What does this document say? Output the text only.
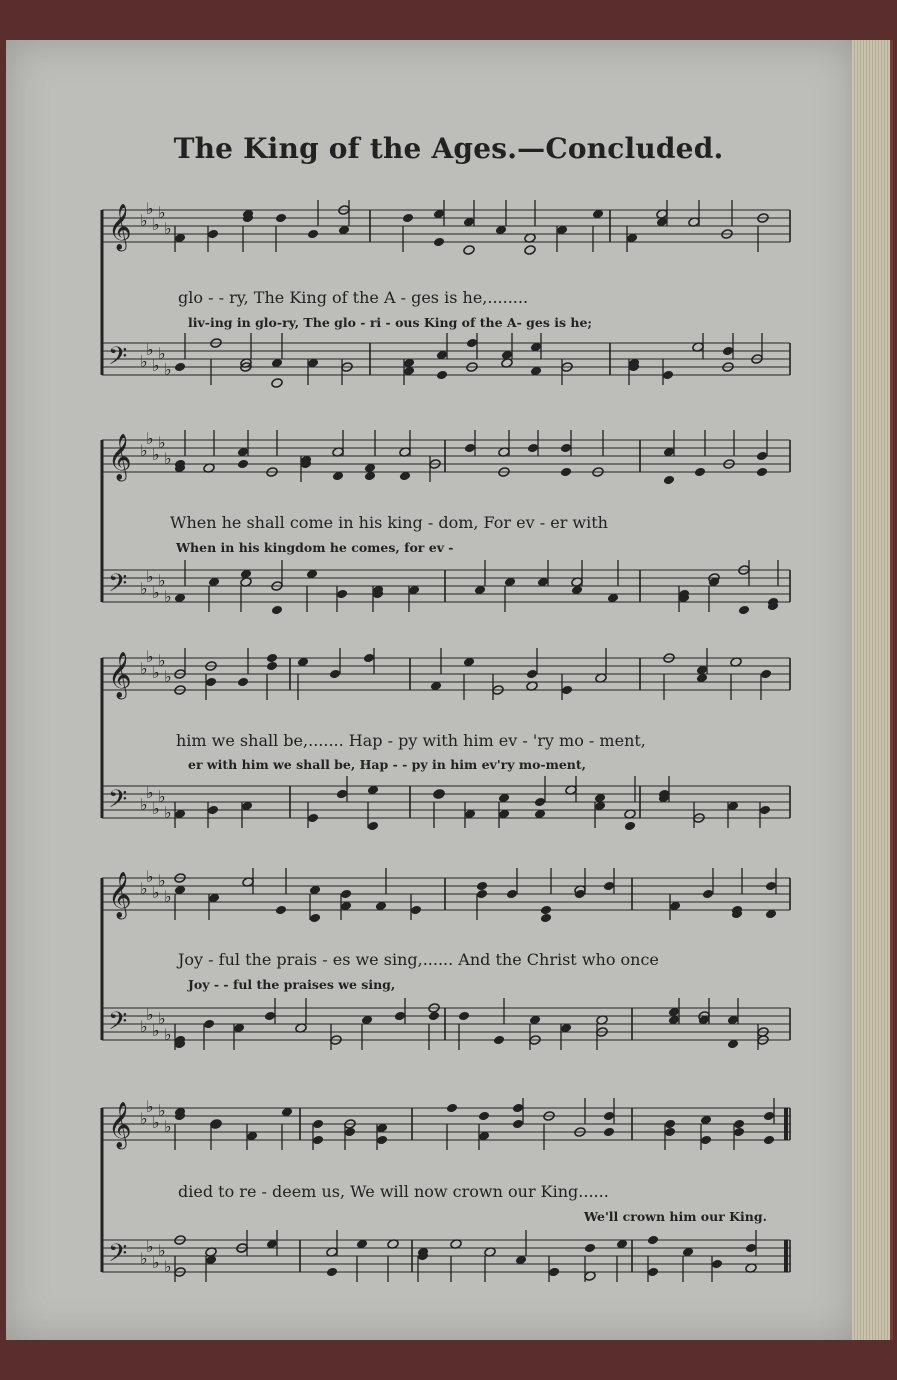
The King of the Ages.—Concluded.
𝄞 ♭
♭
♭
♭
♭
𝄢 ♭
♭
♭
♭
♭
𝄞 ♭
♭
♭
♭
♭
𝄢 ♭
♭
♭
♭
♭
𝄞 ♭
♭
♭
♭
♭
𝄢 ♭
♭
♭
♭
♭
𝄞 ♭
♭
♭
♭
♭
𝄢 ♭
♭
♭
♭
♭
𝄞 ♭
♭
♭
♭
♭
𝄢 ♭
♭
♭
♭
♭
glo - - ry, The King of the A - ges is he,........
liv-ing in glo-ry, The glo - ri - ous King of the A- ges is he;
When he shall come in his king - dom, For ev - er with
When in his kingdom he comes, for ev -
him we shall be,....... Hap - py with him ev - 'ry mo - ment,
er with him we shall be, Hap - - py in him ev'ry mo-ment,
Joy - ful the prais - es we sing,...... And the Christ who once
Joy - - ful the praises we sing,
died to re - deem us, We will now crown our King......
We'll crown him our King.
